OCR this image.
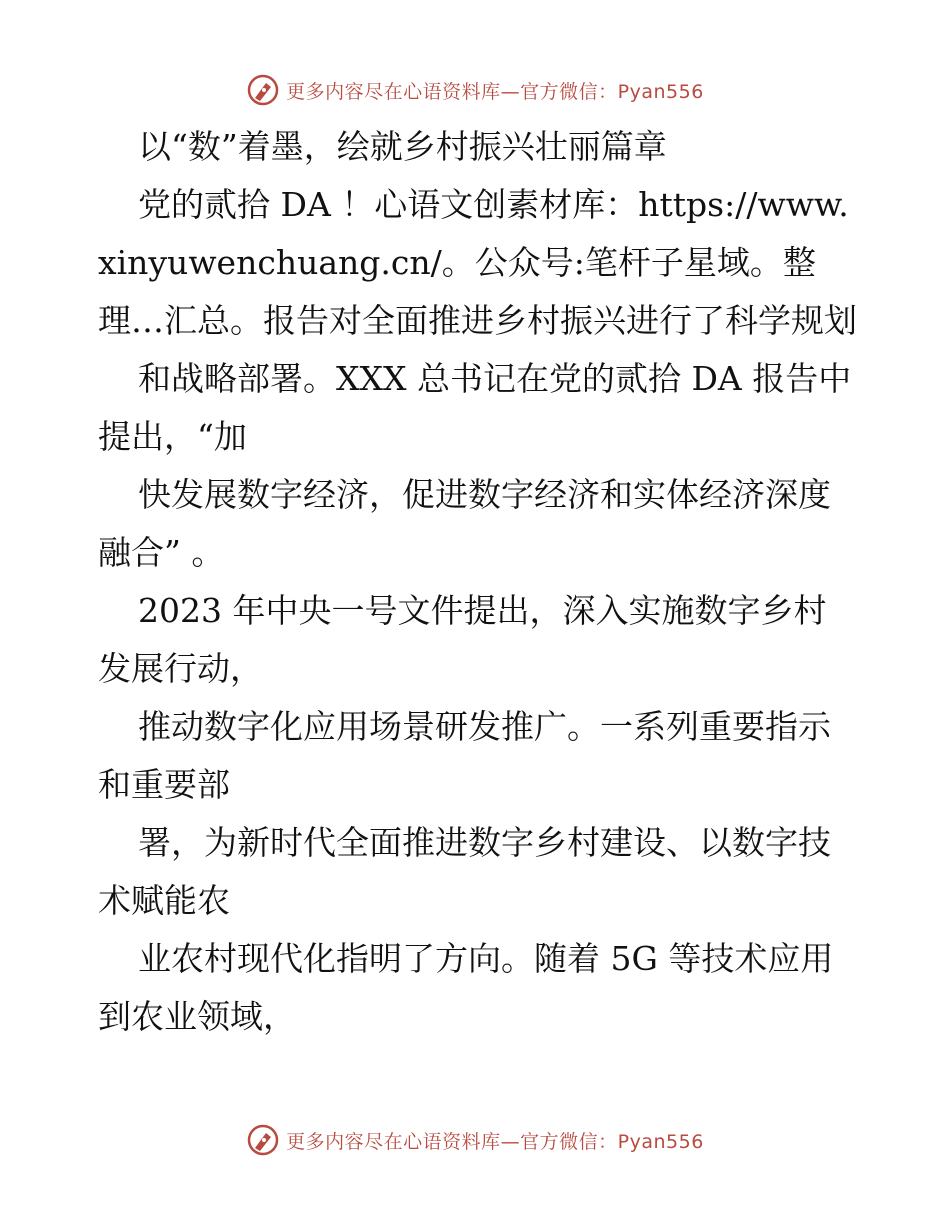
更多内容尽在心语资料库—官方微信：Pyan556

以“数”着墨，绘就乡村振兴壮丽篇章

党的贰拾 DA ！心语文创素材库：https://www.xinyuwenchuang.cn/。公众号:笔杆子星域。整理…汇总。报告对全面推进乡村振兴进行了科学规划

和战略部署。XXX 总书记在党的贰拾 DA 报告中提出，“加

快发展数字经济，促进数字经济和实体经济深度融合” 。

2023 年中央一号文件提出，深入实施数字乡村发展行动，

推动数字化应用场景研发推广。一系列重要指示和重要部

署，为新时代全面推进数字乡村建设、以数字技术赋能农

业农村现代化指明了方向。随着 5G 等技术应用到农业领域，

更多内容尽在心语资料库—官方微信：Pyan556
